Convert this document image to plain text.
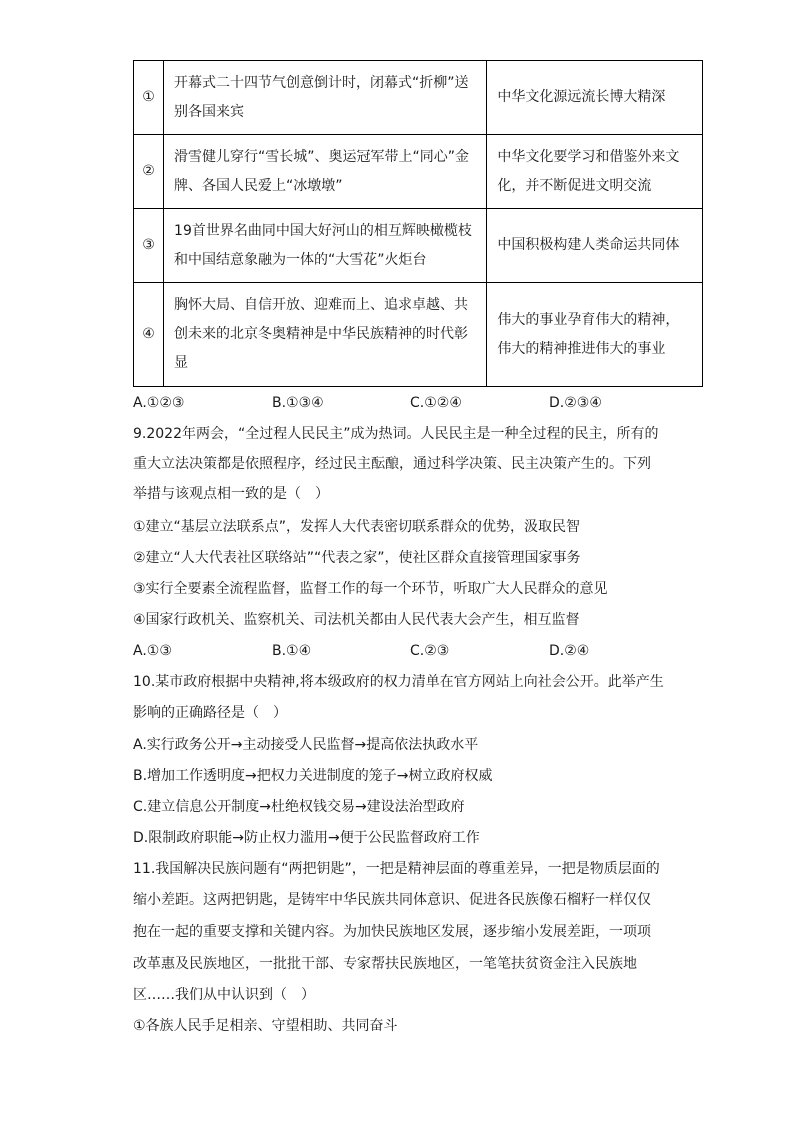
①	开幕式二十四节气创意倒计时，闭幕式“折柳”送别各国来宾	中华文化源远流长博大精深
②	滑雪健儿穿行“雪长城”、奥运冠军带上“同心”金牌、各国人民爱上“冰墩墩”	中华文化要学习和借鉴外来文化，并不断促进文明交流
③	19首世界名曲同中国大好河山的相互辉映橄榄枝和中国结意象融为一体的“大雪花”火炬台	中国积极构建人类命运共同体
④	胸怀大局、自信开放、迎难而上、追求卓越、共创未来的北京冬奥精神是中华民族精神的时代彰显	伟大的事业孕育伟大的精神，伟大的精神推进伟大的事业
A.①②③	B.①③④	C.①②④	D.②③④
9.2022年两会，“全过程人民民主”成为热词。人民民主是一种全过程的民主，所有的
重大立法决策都是依照程序，经过民主酝酿，通过科学决策、民主决策产生的。下列
举措与该观点相一致的是（　）
①建立“基层立法联系点”，发挥人大代表密切联系群众的优势，汲取民智
②建立“人大代表社区联络站”“代表之家”，使社区群众直接管理国家事务
③实行全要素全流程监督，监督工作的每一个环节，听取广大人民群众的意见
④国家行政机关、监察机关、司法机关都由人民代表大会产生，相互监督
A.①③	B.①④	C.②③	D.②④
10.某市政府根据中央精神,将本级政府的权力清单在官方网站上向社会公开。此举产生
影响的正确路径是（　）
A.实行政务公开→主动接受人民监督→提高依法执政水平
B.增加工作透明度→把权力关进制度的笼子→树立政府权威
C.建立信息公开制度→杜绝权钱交易→建设法治型政府
D.限制政府职能→防止权力滥用→便于公民监督政府工作
11.我国解决民族问题有“两把钥匙”，一把是精神层面的尊重差异，一把是物质层面的
缩小差距。这两把钥匙，是铸牢中华民族共同体意识、促进各民族像石榴籽一样仅仅
抱在一起的重要支撑和关键内容。为加快民族地区发展，逐步缩小发展差距，一项项
改革惠及民族地区，一批批干部、专家帮扶民族地区，一笔笔扶贫资金注入民族地
区……我们从中认识到（　）
①各族人民手足相亲、守望相助、共同奋斗
